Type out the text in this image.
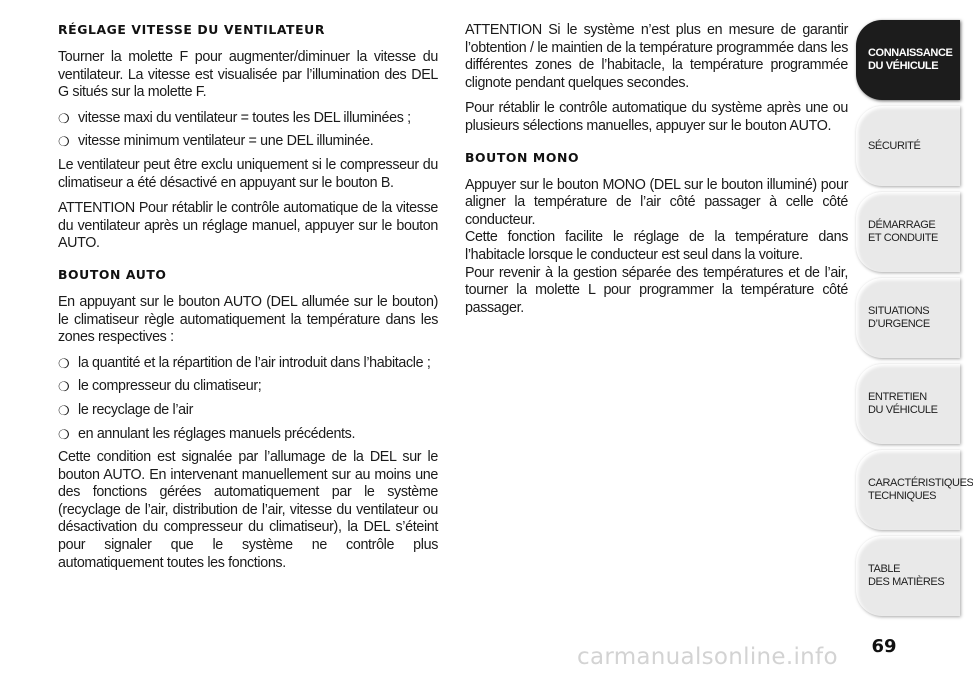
RÉGLAGE VITESSE DU VENTILATEUR

Tourner la molette F pour augmenter/diminuer la vitesse du ventilateur. La vitesse est visualisée par l’illumination des DEL G situés sur la molette F.

❍ vitesse maxi du ventilateur = toutes les DEL illuminées ;
❍ vitesse minimum ventilateur = une DEL illuminée.

Le ventilateur peut être exclu uniquement si le compresseur du climatiseur a été désactivé en appuyant sur le bouton B.

ATTENTION Pour rétablir le contrôle automatique de la vitesse du ventilateur après un réglage manuel, appuyer sur le bouton AUTO.

BOUTON AUTO

En appuyant sur le bouton AUTO (DEL allumée sur le bouton) le climatiseur règle automatiquement la température dans les zones respectives :

❍ la quantité et la répartition de l’air introduit dans l’habitacle ;
❍ le compresseur du climatiseur;
❍ le recyclage de l’air
❍ en annulant les réglages manuels précédents.

Cette condition est signalée par l’allumage de la DEL sur le bouton AUTO. En intervenant manuellement sur au moins une des fonctions gérées automatiquement par le système (recyclage de l’air, distribution de l’air, vitesse du ventilateur ou désactivation du compresseur du climatiseur), la DEL s’éteint pour signaler que le système ne contrôle plus automatiquement toutes les fonctions.

ATTENTION Si le système n’est plus en mesure de garantir l’obtention / le maintien de la température programmée dans les différentes zones de l’habitacle, la température programmée clignote pendant quelques secondes.

Pour rétablir le contrôle automatique du système après une ou plusieurs sélections manuelles, appuyer sur le bouton AUTO.

BOUTON MONO

Appuyer sur le bouton MONO (DEL sur le bouton illuminé) pour aligner la température de l’air côté passager à celle côté conducteur.

Cette fonction facilite le réglage de la température dans l’habitacle lorsque le conducteur est seul dans la voiture.

Pour revenir à la gestion séparée des températures et de l’air, tourner la molette L pour programmer la température côté passager.

CONNAISSANCE
DU VÉHICULE
SÉCURITÉ
DÉMARRAGE
ET CONDUITE
SITUATIONS
D’URGENCE
ENTRETIEN
DU VÉHICULE
CARACTÉRISTIQUES
TECHNIQUES
TABLE
DES MATIÈRES
69
carmanualsonline.info
